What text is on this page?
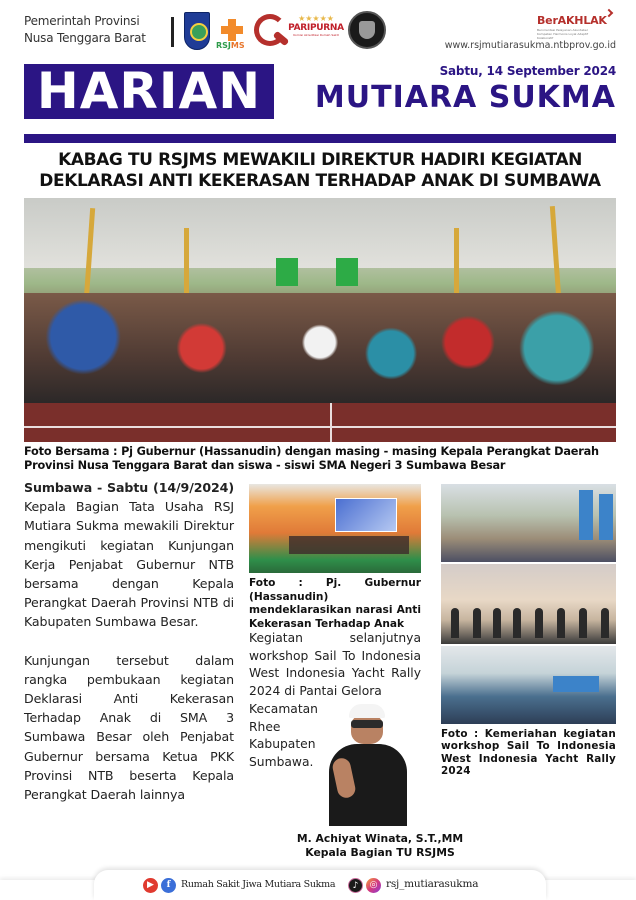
Pemerintah Provinsi
Nusa Tenggara Barat
RSJMS
★★★★★
PARIPURNA
Komisi Akreditasi Rumah Sakit
BerAKHLAK
Berorientasi Pelayanan Akuntabel Kompeten Harmonis Loyal Adaptif Kolaboratif
www.rsjmutiarasukma.ntbprov.go.id
HARIAN	Sabtu, 14 September 2024
MUTIARA SUKMA
KABAG TU RSJMS MEWAKILI DIREKTUR HADIRI KEGIATAN
DEKLARASI ANTI KEKERASAN TERHADAP ANAK DI SUMBAWA
Foto Bersama : Pj Gubernur (Hassanudin) dengan masing - masing Kepala Perangkat Daerah Provinsi Nusa Tenggara Barat dan siswa - siswi SMA Negeri 3 Sumbawa Besar

Sumbawa - Sabtu (14/9/2024) Kepala Bagian Tata Usaha RSJ Mutiara Sukma mewakili Direktur mengikuti kegiatan Kunjungan Kerja Penjabat Gubernur NTB bersama dengan Kepala Perangkat Daerah Provinsi NTB di Kabupaten Sumbawa Besar.

Kunjungan tersebut dalam rangka pembukaan kegiatan Deklarasi Anti Kekerasan Terhadap Anak di SMA 3 Sumbawa Besar oleh Penjabat Gubernur bersama Ketua PKK Provinsi NTB beserta Kepala Perangkat Daerah lainnya

Foto : Pj. Gubernur (Hassanudin) mendeklarasikan narasi Anti Kekerasan Terhadap Anak
Kegiatan selanjutnya workshop Sail To Indonesia West Indonesia Yacht Rally 2024 di Pantai Gelora
Kecamatan
Rhee
Kabupaten
Sumbawa.
M. Achiyat Winata, S.T.,MM
Kepala Bagian TU RSJMS
Foto : Kemeriahan kegiatan workshop Sail To Indonesia West Indonesia Yacht Rally 2024
▶	f	Rumah Sakit Jiwa Mutiara Sukma	♪	◎ rsj_mutiarasukma
